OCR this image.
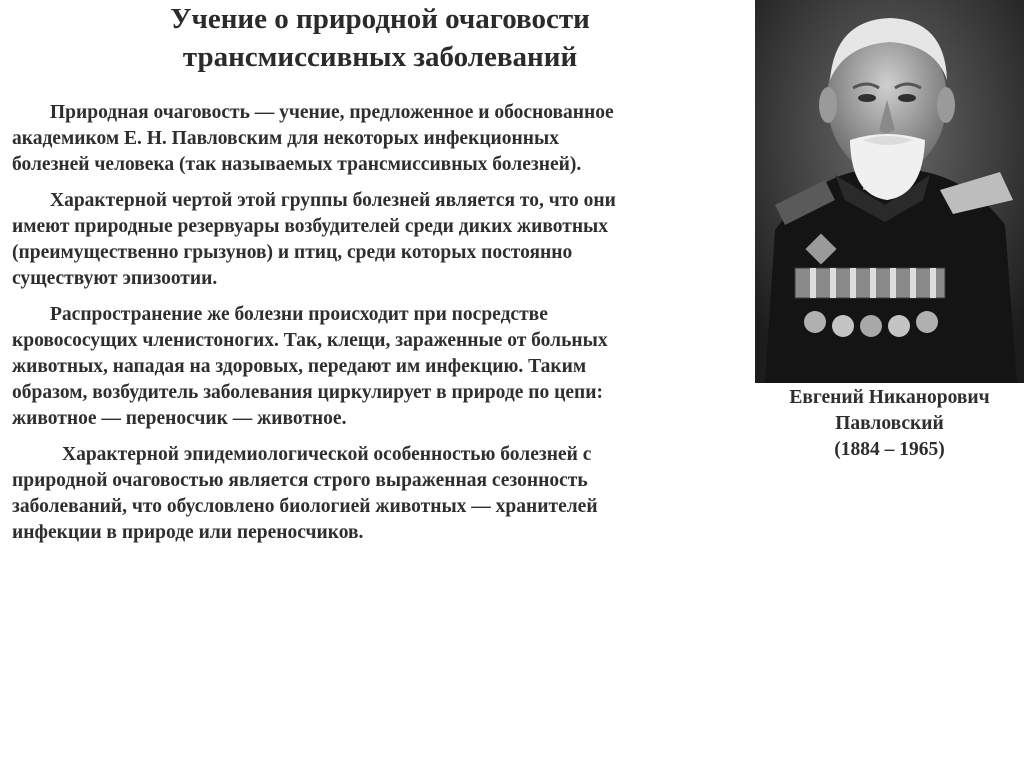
Учение о природной очаговости
трансмиссивных заболеваний

Природная очаговость — учение, предложенное и обоснованное
академиком Е. Н. Павловским для некоторых инфекционных
болезней человека (так называемых трансмиссивных болезней).

Характерной чертой этой группы болезней является то, что они
имеют природные резервуары возбудителей среди диких животных
(преимущественно грызунов) и птиц, среди которых постоянно
существуют эпизоотии.

Распространение же болезни происходит при посредстве
кровососущих членистоногих. Так, клещи, зараженные от больных
животных, нападая на здоровых, передают им инфекцию. Таким
образом, возбудитель заболевания циркулирует в природе по цепи:
животное — переносчик — животное.

Характерной эпидемиологической особенностью болезней с
природной очаговостью является строго выраженная сезонность
заболеваний, что обусловлено биологией животных — хранителей
инфекции в природе или переносчиков.

Евгений Никанорович
Павловский
(1884 – 1965)
